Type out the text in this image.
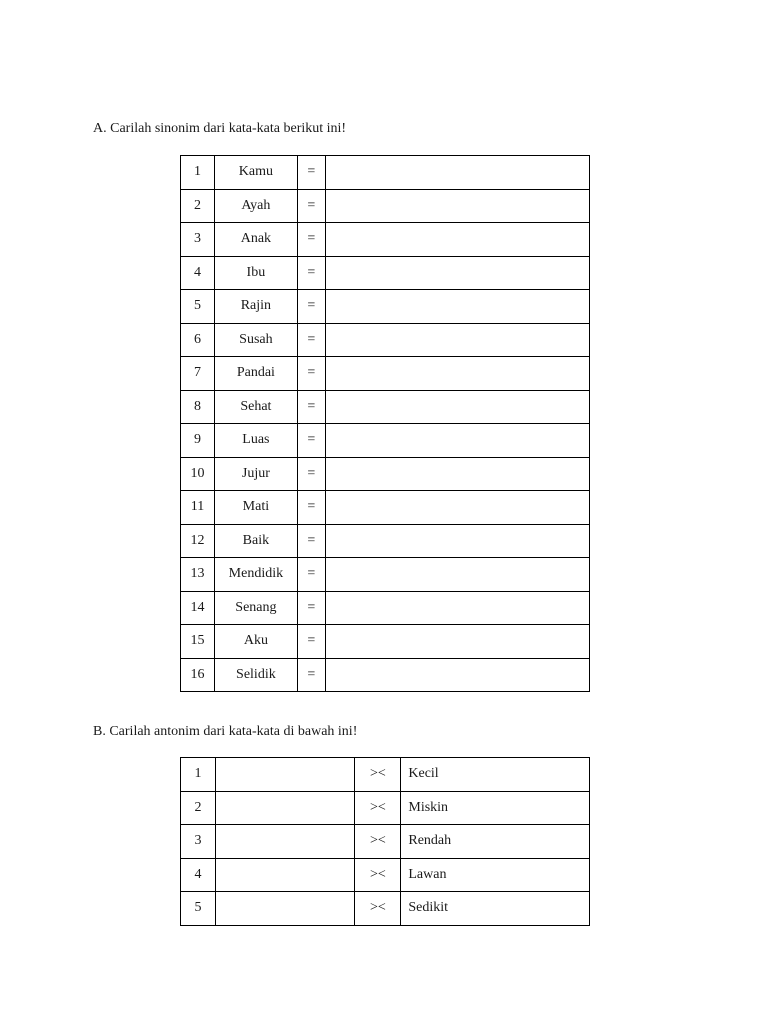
A. Carilah sinonim dari kata-kata berikut ini!
1	Kamu	=	
2	Ayah	=	
3	Anak	=	
4	Ibu	=	
5	Rajin	=	
6	Susah	=	
7	Pandai	=	
8	Sehat	=	
9	Luas	=	
10	Jujur	=	
11	Mati	=	
12	Baik	=	
13	Mendidik	=	
14	Senang	=	
15	Aku	=	
16	Selidik	=	
B. Carilah antonim dari kata-kata di bawah ini!
1		><	Kecil
2		><	Miskin
3		><	Rendah
4		><	Lawan
5		><	Sedikit
